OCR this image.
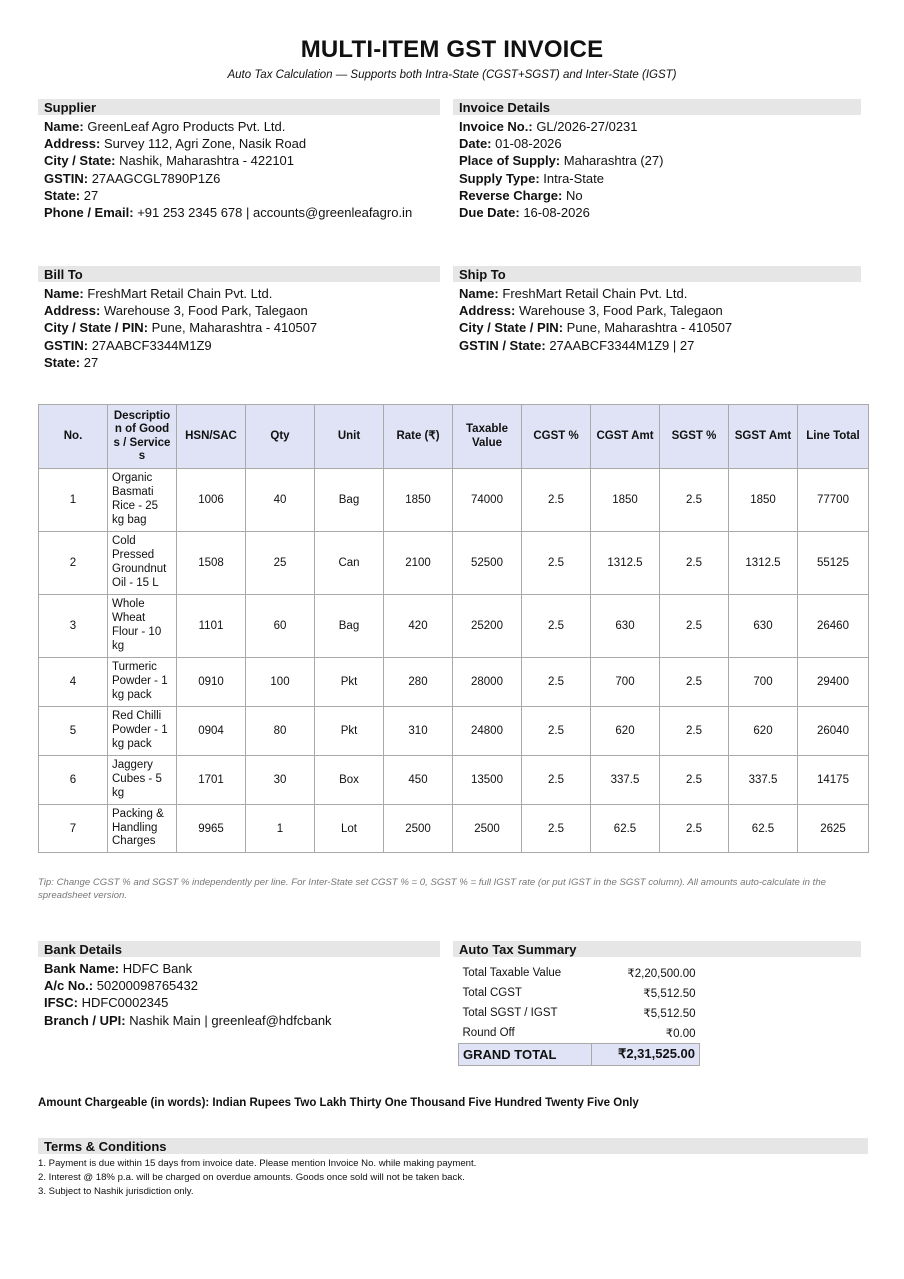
MULTI-ITEM GST INVOICE
Auto Tax Calculation — Supports both Intra-State (CGST+SGST) and Inter-State (IGST)
Supplier
Name: GreenLeaf Agro Products Pvt. Ltd.
Address: Survey 112, Agri Zone, Nasik Road
City / State: Nashik, Maharashtra - 422101
GSTIN: 27AAGCGL7890P1Z6
State: 27
Phone / Email: +91 253 2345 678 | accounts@greenleafagro.in
Invoice Details
Invoice No.: GL/2026-27/0231
Date: 01-08-2026
Place of Supply: Maharashtra (27)
Supply Type: Intra-State
Reverse Charge: No
Due Date: 16-08-2026
Bill To
Name: FreshMart Retail Chain Pvt. Ltd.
Address: Warehouse 3, Food Park, Talegaon
City / State / PIN: Pune, Maharashtra - 410507
GSTIN: 27AABCF3344M1Z9
State: 27
Ship To
Name: FreshMart Retail Chain Pvt. Ltd.
Address: Warehouse 3, Food Park, Talegaon
City / State / PIN: Pune, Maharashtra - 410507
GSTIN / State: 27AABCF3344M1Z9 | 27
No.	Description of Goods / Services	HSN/SAC	Qty	Unit	Rate (₹)	Taxable Value	CGST %	CGST Amt	SGST %	SGST Amt	Line Total
1	Organic Basmati Rice - 25 kg bag	1006	40	Bag	1850	74000	2.5	1850	2.5	1850	77700
2	Cold Pressed Groundnut Oil - 15 L	1508	25	Can	2100	52500	2.5	1312.5	2.5	1312.5	55125
3	Whole Wheat Flour - 10 kg	1101	60	Bag	420	25200	2.5	630	2.5	630	26460
4	Turmeric Powder - 1 kg pack	0910	100	Pkt	280	28000	2.5	700	2.5	700	29400
5	Red Chilli Powder - 1 kg pack	0904	80	Pkt	310	24800	2.5	620	2.5	620	26040
6	Jaggery Cubes - 5 kg	1701	30	Box	450	13500	2.5	337.5	2.5	337.5	14175
7	Packing & Handling Charges	9965	1	Lot	2500	2500	2.5	62.5	2.5	62.5	2625
Tip: Change CGST % and SGST % independently per line. For Inter-State set CGST % = 0, SGST % = full IGST rate (or put IGST in the SGST column). All amounts auto-calculate in the spreadsheet version.
Bank Details
Bank Name: HDFC Bank
A/c No.: 50200098765432
IFSC: HDFC0002345
Branch / UPI: Nashik Main | greenleaf@hdfcbank
Auto Tax Summary
Total Taxable Value	₹2,20,500.00
Total CGST	₹5,512.50
Total SGST / IGST	₹5,512.50
Round Off	₹0.00
GRAND TOTAL	₹2,31,525.00
Amount Chargeable (in words): Indian Rupees Two Lakh Thirty One Thousand Five Hundred Twenty Five Only
Terms & Conditions
1. Payment is due within 15 days from invoice date. Please mention Invoice No. while making payment.
2. Interest @ 18% p.a. will be charged on overdue amounts. Goods once sold will not be taken back.
3. Subject to Nashik jurisdiction only.
